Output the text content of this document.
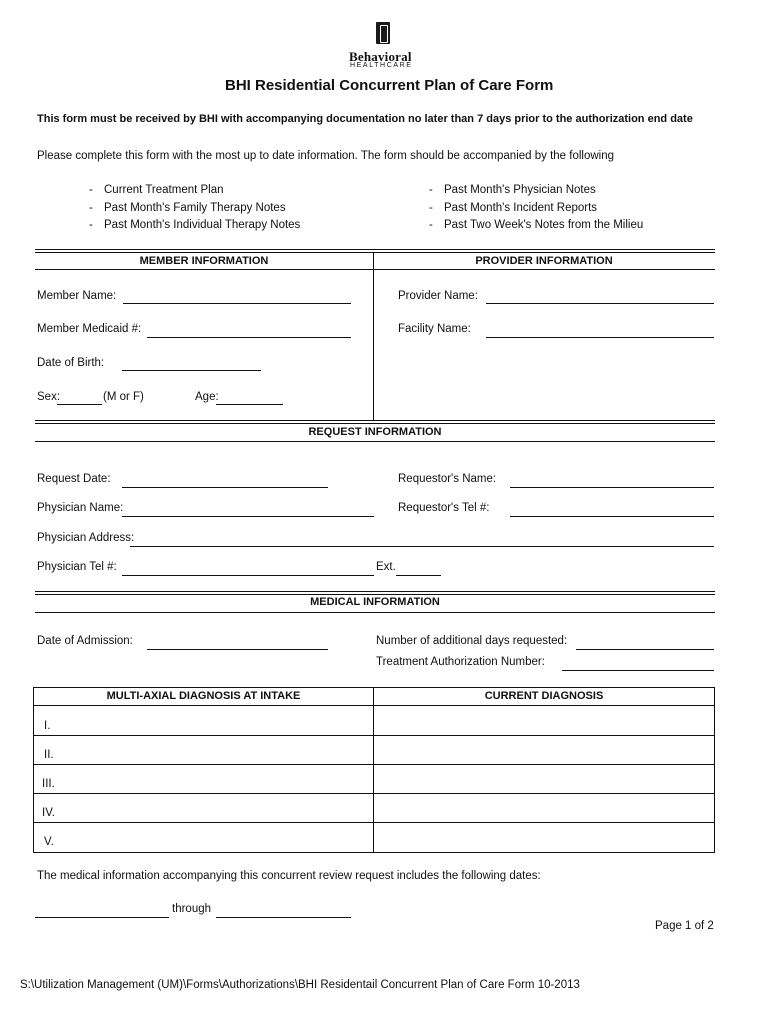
Behavioral
HEALTHCARE
BHI Residential Concurrent Plan of Care Form
This form must be received by BHI with accompanying documentation no later than 7 days prior to the authorization end date
Please complete this form with the most up to date information. The form should be accompanied by the following
- Current Treatment Plan
- Past Month's Family Therapy Notes
- Past Month's Individual Therapy Notes
- Past Month's Physician Notes
- Past Month's Incident Reports
- Past Two Week's Notes from the Milieu
MEMBER INFORMATION	PROVIDER INFORMATION
Member Name:	Provider Name:
Member Medicaid #:	Facility Name:
Date of Birth:
Sex:	(M or F)	Age:
REQUEST INFORMATION
Request Date:	Requestor's Name:
Physician Name:	Requestor's Tel #:
Physician Address:
Physician Tel #:	Ext.
MEDICAL INFORMATION
Date of Admission:	Number of additional days requested:
Treatment Authorization Number:
MULTI-AXIAL DIAGNOSIS AT INTAKE	CURRENT DIAGNOSIS
I.
II.
III.
IV.
V.
The medical information accompanying this concurrent review request includes the following dates:
through
Page 1 of 2
S:\Utilization Management (UM)\Forms\Authorizations\BHI Residentail Concurrent Plan of Care Form 10-2013
